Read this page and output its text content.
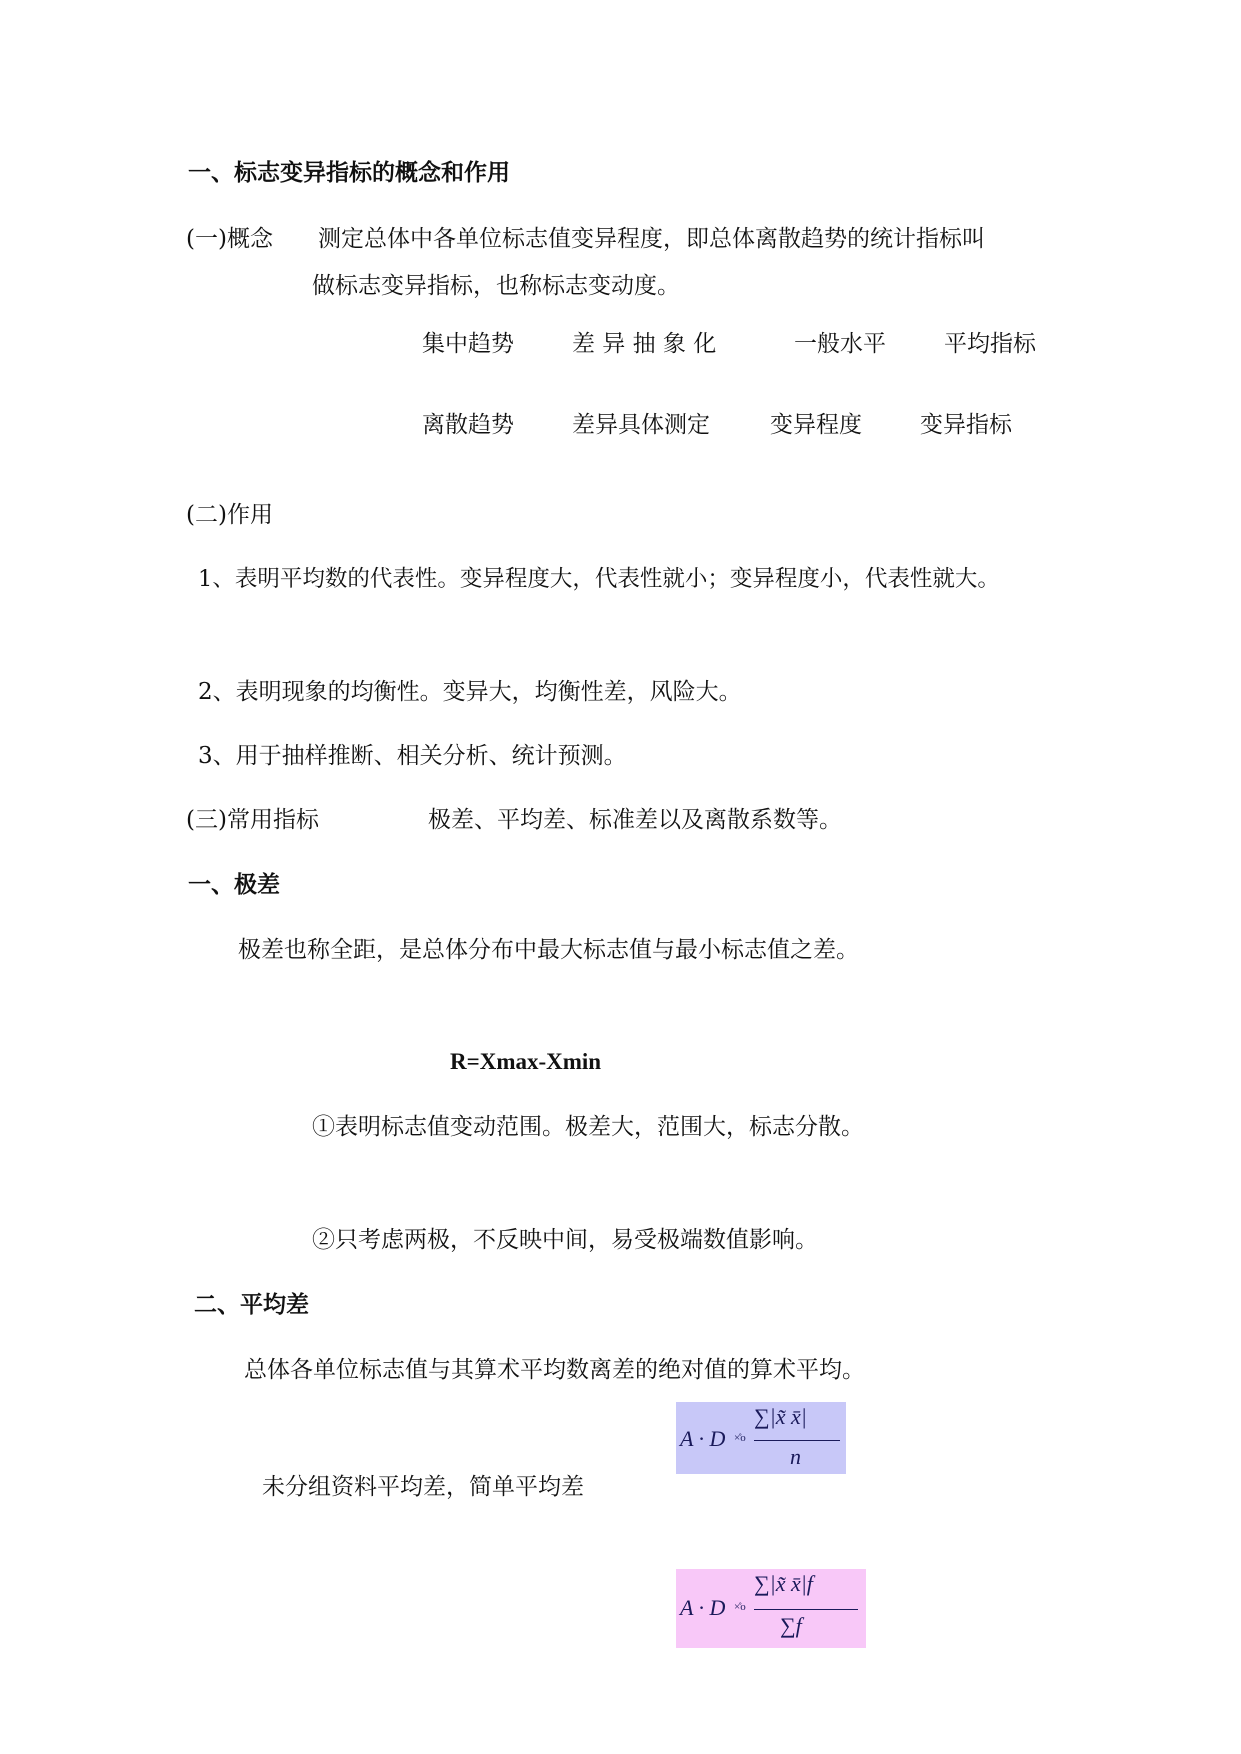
一、标志变异指标的概念和作用
(一)概念 测定总体中各单位标志值变异程度，即总体离散趋势的统计指标叫
做标志变异指标，也称标志变动度。
集中趋势	差 异 抽 象 化	一般水平	平均指标
离散趋势	差异具体测定	变异程度	变异指标
(二)作用
1、表明平均数的代表性。变异程度大，代表性就小；变异程度小，代表性就大。
2、表明现象的均衡性。变异大，均衡性差，风险大。
3、用于抽样推断、相关分析、统计预测。
(三)常用指标	极差、平均差、标准差以及离散系数等。
一、极差
极差也称全距，是总体分布中最大标志值与最小标志值之差。
R=Xmax-Xmin
①表明标志值变动范围。极差大，范围大，标志分散。
②只考虑两极，不反映中间，易受极端数值影响。
二、平均差
总体各单位标志值与其算术平均数离差的绝对值的算术平均。
A · D ×̊o
∑|x̃ x̄|
n
未分组资料平均差，简单平均差
A · D ×̊o
∑|x̃ x̄|f
∑f
